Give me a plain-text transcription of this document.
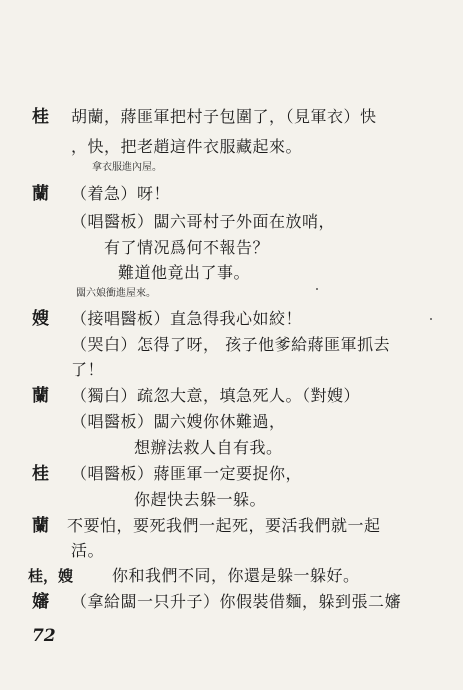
桂 胡蘭，蔣匪軍把村子包圍了，（見軍衣）快
，快，把老趙這件衣服藏起來。
拿衣服進內屋。
蘭 （着急）呀！
（唱醫板）闆六哥村子外面在放哨，
有了情况爲何不報告？
難道他竟出了事。
闆六娘衝進屋來。
嫂 （接唱醫板）直急得我心如絞！
（哭白）怎得了呀， 孩子他爹給蔣匪軍抓去
了！
蘭 （獨白）疏忽大意，填急死人。（對嫂）
（唱醫板）闆六嫂你休難過，
想辦法救人自有我。
桂 （唱醫板）蔣匪軍一定要捉你，
你趕快去躲一躲。
蘭 不要怕，要死我們一起死，要活我們就一起
活。
桂，嫂 你和我們不同，你還是躲一躲好。
嬸 （拿給闆一只升子）你假裝借麵，躲到張二嬸
72
